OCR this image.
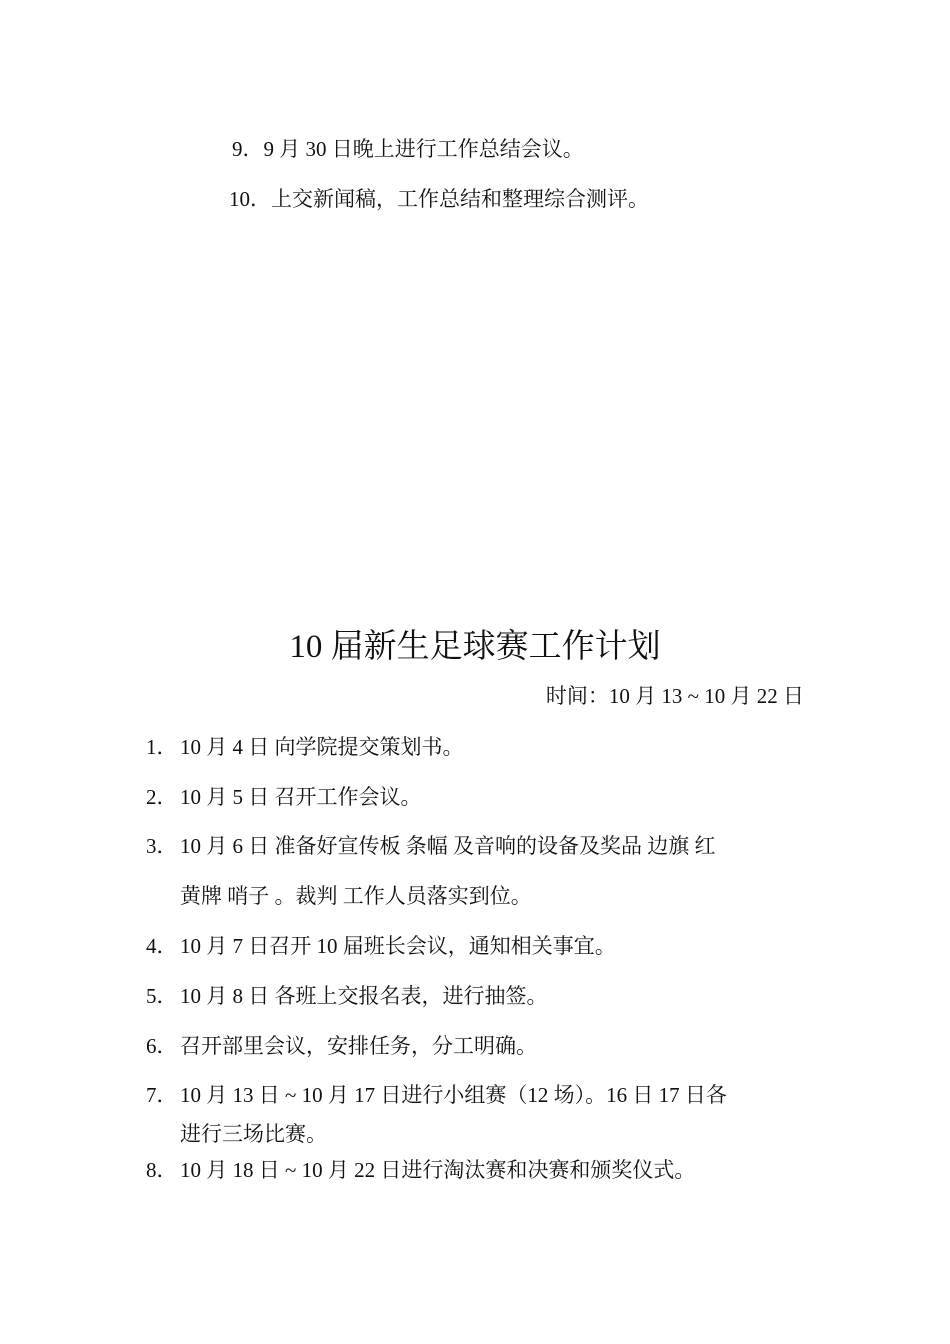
9．9 月 30 日晚上进行工作总结会议。
10．上交新闻稿，工作总结和整理综合测评。
10 届新生足球赛工作计划
时间：10 月 13 ~ 10 月 22 日
1． 10 月 4 日 向学院提交策划书。
2． 10 月 5 日 召开工作会议。
3． 10 月 6 日 准备好宣传板 条幅 及音响的设备及奖品 边旗 红
黄牌 哨子 。裁判 工作人员落实到位。
4． 10 月 7 日召开 10 届班长会议，通知相关事宜。
5． 10 月 8 日 各班上交报名表，进行抽签。
6． 召开部里会议，安排任务，分工明确。
7． 10 月 13 日 ~ 10 月 17 日进行小组赛（12 场）。16 日 17 日各
进行三场比赛。
8． 10 月 18 日 ~ 10 月 22 日进行淘汰赛和决赛和颁奖仪式。
